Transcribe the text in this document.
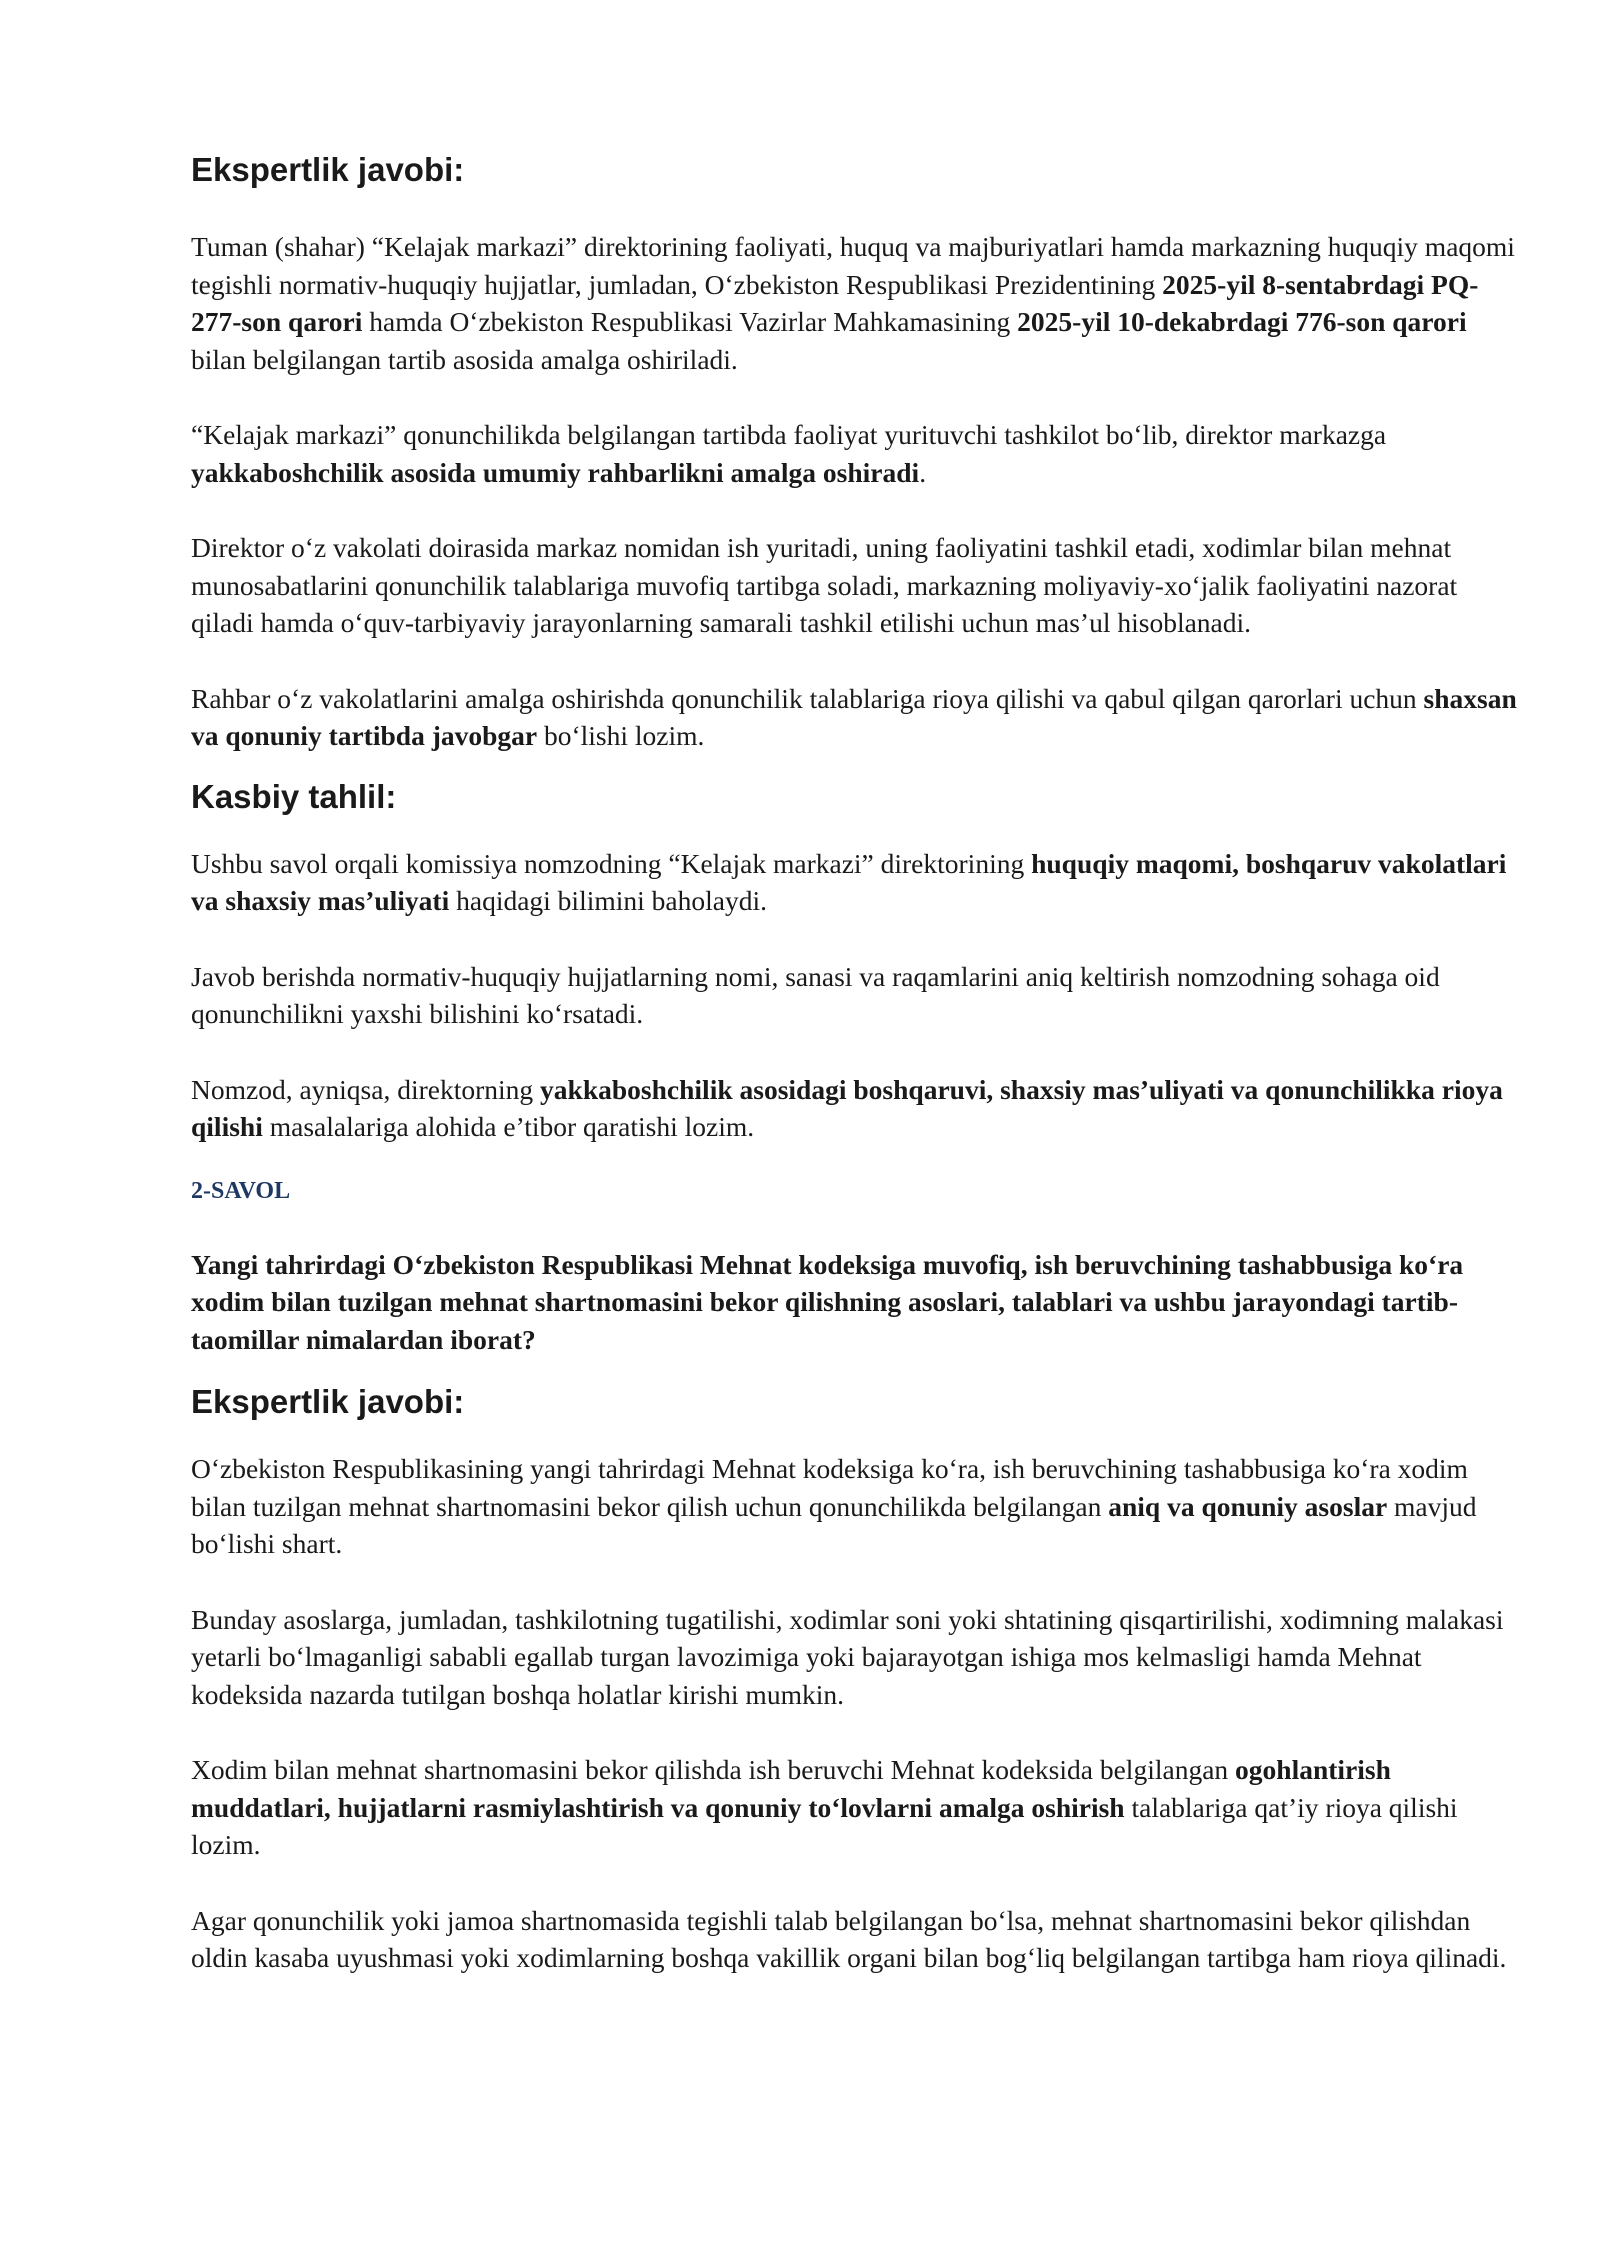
Ekspertlik javobi:

Tuman (shahar) “Kelajak markazi” direktorining faoliyati, huquq va majburiyatlari hamda markazning huquqiy maqomi tegishli normativ-huquqiy hujjatlar, jumladan, O‘zbekiston Respublikasi Prezidentining 2025-yil 8-sentabrdagi PQ-277-son qarori hamda O‘zbekiston Respublikasi Vazirlar Mahkamasining 2025-yil 10-dekabrdagi 776-son qarori bilan belgilangan tartib asosida amalga oshiriladi.

“Kelajak markazi” qonunchilikda belgilangan tartibda faoliyat yurituvchi tashkilot bo‘lib, direktor markazga yakkaboshchilik asosida umumiy rahbarlikni amalga oshiradi.

Direktor o‘z vakolati doirasida markaz nomidan ish yuritadi, uning faoliyatini tashkil etadi, xodimlar bilan mehnat munosabatlarini qonunchilik talablariga muvofiq tartibga soladi, markazning moliyaviy-xo‘jalik faoliyatini nazorat qiladi hamda o‘quv-tarbiyaviy jarayonlarning samarali tashkil etilishi uchun mas’ul hisoblanadi.

Rahbar o‘z vakolatlarini amalga oshirishda qonunchilik talablariga rioya qilishi va qabul qilgan qarorlari uchun shaxsan va qonuniy tartibda javobgar bo‘lishi lozim.

Kasbiy tahlil:

Ushbu savol orqali komissiya nomzodning “Kelajak markazi” direktorining huquqiy maqomi, boshqaruv vakolatlari va shaxsiy mas’uliyati haqidagi bilimini baholaydi.

Javob berishda normativ-huquqiy hujjatlarning nomi, sanasi va raqamlarini aniq keltirish nomzodning sohaga oid qonunchilikni yaxshi bilishini ko‘rsatadi.

Nomzod, ayniqsa, direktorning yakkaboshchilik asosidagi boshqaruvi, shaxsiy mas’uliyati va qonunchilikka rioya qilishi masalalariga alohida e’tibor qaratishi lozim.

2-SAVOL

Yangi tahrirdagi O‘zbekiston Respublikasi Mehnat kodeksiga muvofiq, ish beruvchining tashabbusiga ko‘ra xodim bilan tuzilgan mehnat shartnomasini bekor qilishning asoslari, talablari va ushbu jarayondagi tartib-taomillar nimalardan iborat?

Ekspertlik javobi:

O‘zbekiston Respublikasining yangi tahrirdagi Mehnat kodeksiga ko‘ra, ish beruvchining tashabbusiga ko‘ra xodim bilan tuzilgan mehnat shartnomasini bekor qilish uchun qonunchilikda belgilangan aniq va qonuniy asoslar mavjud bo‘lishi shart.

Bunday asoslarga, jumladan, tashkilotning tugatilishi, xodimlar soni yoki shtatining qisqartirilishi, xodimning malakasi yetarli bo‘lmaganligi sababli egallab turgan lavozimiga yoki bajarayotgan ishiga mos kelmasligi hamda Mehnat kodeksida nazarda tutilgan boshqa holatlar kirishi mumkin.

Xodim bilan mehnat shartnomasini bekor qilishda ish beruvchi Mehnat kodeksida belgilangan ogohlantirish muddatlari, hujjatlarni rasmiylashtirish va qonuniy to‘lovlarni amalga oshirish talablariga qat’iy rioya qilishi lozim.

Agar qonunchilik yoki jamoa shartnomasida tegishli talab belgilangan bo‘lsa, mehnat shartnomasini bekor qilishdan oldin kasaba uyushmasi yoki xodimlarning boshqa vakillik organi bilan bog‘liq belgilangan tartibga ham rioya qilinadi.
